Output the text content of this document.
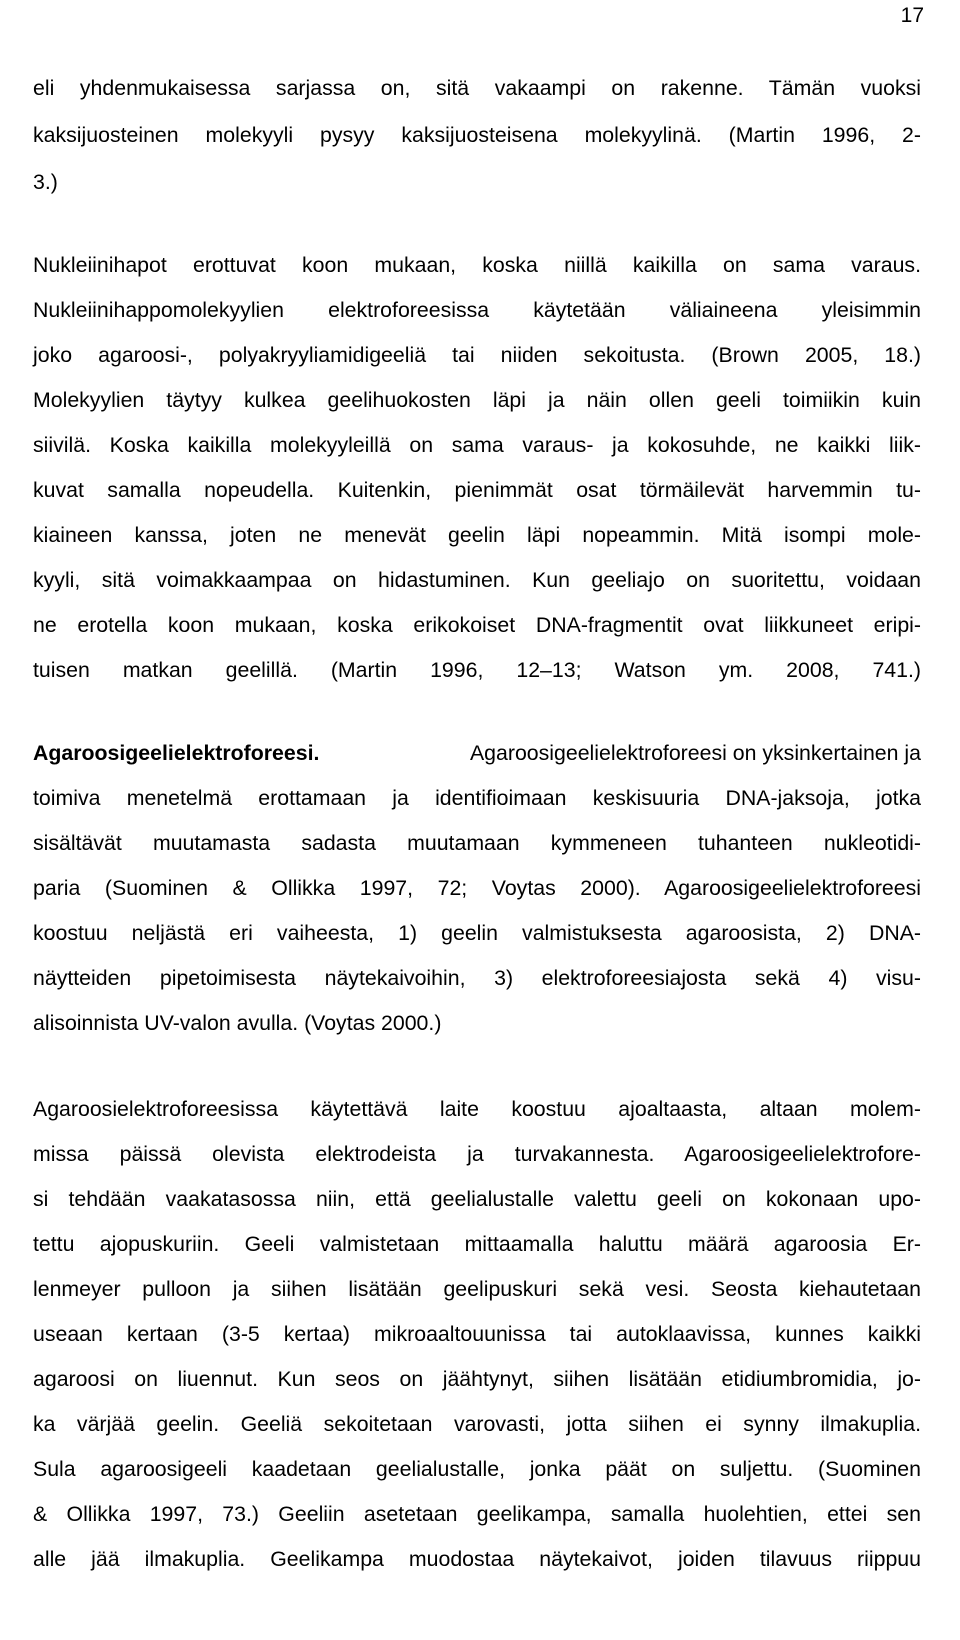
17
eli yhdenmukaisessa sarjassa on, sitä vakaampi on rakenne. Tämän vuoksi
kaksijuosteinen molekyyli pysyy kaksijuosteisena molekyylinä. (Martin 1996, 2-
3.)
Nukleiinihapot erottuvat koon mukaan, koska niillä kaikilla on sama varaus.
Nukleiinihappomolekyylien elektroforeesissa käytetään väliaineena yleisimmin
joko agaroosi-, polyakryyliamidigeeliä tai niiden sekoitusta. (Brown 2005, 18.)
Molekyylien täytyy kulkea geelihuokosten läpi ja näin ollen geeli toimiikin kuin
siivilä. Koska kaikilla molekyyleillä on sama varaus- ja kokosuhde, ne kaikki liik-
kuvat samalla nopeudella. Kuitenkin, pienimmät osat törmäilevät harvemmin tu-
kiaineen kanssa, joten ne menevät geelin läpi nopeammin. Mitä isompi mole-
kyyli, sitä voimakkaampaa on hidastuminen. Kun geeliajo on suoritettu, voidaan
ne erotella koon mukaan, koska erikokoiset DNA-fragmentit ovat liikkuneet eripi-
tuisen matkan geelillä. (Martin 1996, 12–13; Watson ym. 2008, 741.)
Agaroosigeelielektroforeesi.	Agaroosigeelielektroforeesi on yksinkertainen ja
toimiva menetelmä erottamaan ja identifioimaan keskisuuria DNA-jaksoja, jotka
sisältävät muutamasta sadasta muutamaan kymmeneen tuhanteen nukleotidi-
paria (Suominen & Ollikka 1997, 72; Voytas 2000). Agaroosigeelielektroforeesi
koostuu neljästä eri vaiheesta, 1) geelin valmistuksesta agaroosista, 2) DNA-
näytteiden pipetoimisesta näytekaivoihin, 3) elektroforeesiajosta sekä 4) visu-
alisoinnista UV-valon avulla. (Voytas 2000.)
Agaroosielektroforeesissa käytettävä laite koostuu ajoaltaasta, altaan molem-
missa päissä olevista elektrodeista ja turvakannesta. Agaroosigeelielektrofore-
si tehdään vaakatasossa niin, että geelialustalle valettu geeli on kokonaan upo-
tettu ajopuskuriin. Geeli valmistetaan mittaamalla haluttu määrä agaroosia Er-
lenmeyer pulloon ja siihen lisätään geelipuskuri sekä vesi. Seosta kiehautetaan
useaan kertaan (3-5 kertaa) mikroaaltouunissa tai autoklaavissa, kunnes kaikki
agaroosi on liuennut. Kun seos on jäähtynyt, siihen lisätään etidiumbromidia, jo-
ka värjää geelin. Geeliä sekoitetaan varovasti, jotta siihen ei synny ilmakuplia.
Sula agaroosigeeli kaadetaan geelialustalle, jonka päät on suljettu. (Suominen
& Ollikka 1997, 73.) Geeliin asetetaan geelikampa, samalla huolehtien, ettei sen
alle jää ilmakuplia. Geelikampa muodostaa näytekaivot, joiden tilavuus riippuu
